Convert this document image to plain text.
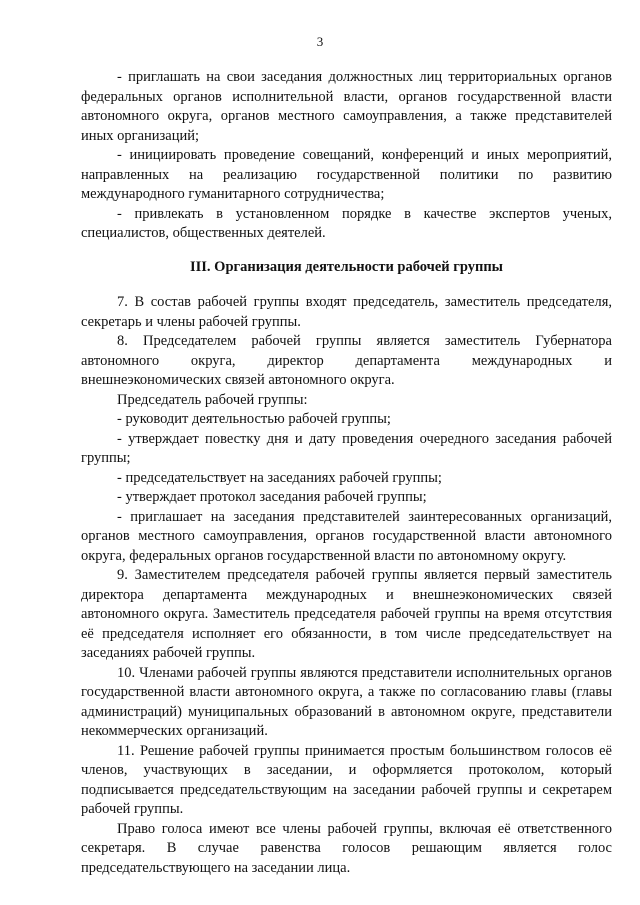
3

- приглашать на свои заседания должностных лиц территориальных органов федеральных органов исполнительной власти, органов государственной власти автономного округа, органов местного самоуправления, а также представителей иных организаций;

- инициировать проведение совещаний, конференций и иных мероприятий, направленных на реализацию государственной политики по развитию международного гуманитарного сотрудничества;

- привлекать в установленном порядке в качестве экспертов ученых, специалистов, общественных деятелей.

III. Организация деятельности рабочей группы

7. В состав рабочей группы входят председатель, заместитель председателя, секретарь и члены рабочей группы.

8. Председателем рабочей группы является заместитель Губернатора автономного округа, директор департамента международных и внешнеэкономических связей автономного округа.

Председатель рабочей группы:

- руководит деятельностью рабочей группы;

- утверждает повестку дня и дату проведения очередного заседания рабочей группы;

- председательствует на заседаниях рабочей группы;

- утверждает протокол заседания рабочей группы;

- приглашает на заседания представителей заинтересованных организаций, органов местного самоуправления, органов государственной власти автономного округа, федеральных органов государственной власти по автономному округу.

9. Заместителем председателя рабочей группы является первый заместитель директора департамента международных и внешнеэкономических связей автономного округа. Заместитель председателя рабочей группы на время отсутствия её председателя исполняет его обязанности, в том числе председательствует на заседаниях рабочей группы.

10. Членами рабочей группы являются представители исполнительных органов государственной власти автономного округа, а также по согласованию главы (главы администраций) муниципальных образований в автономном округе, представители некоммерческих организаций.

11. Решение рабочей группы принимается простым большинством голосов её членов, участвующих в заседании, и оформляется протоколом, который подписывается председательствующим на заседании рабочей группы и секретарем рабочей группы.

Право голоса имеют все члены рабочей группы, включая её ответственного секретаря. В случае равенства голосов решающим является голос председательствующего на заседании лица.
